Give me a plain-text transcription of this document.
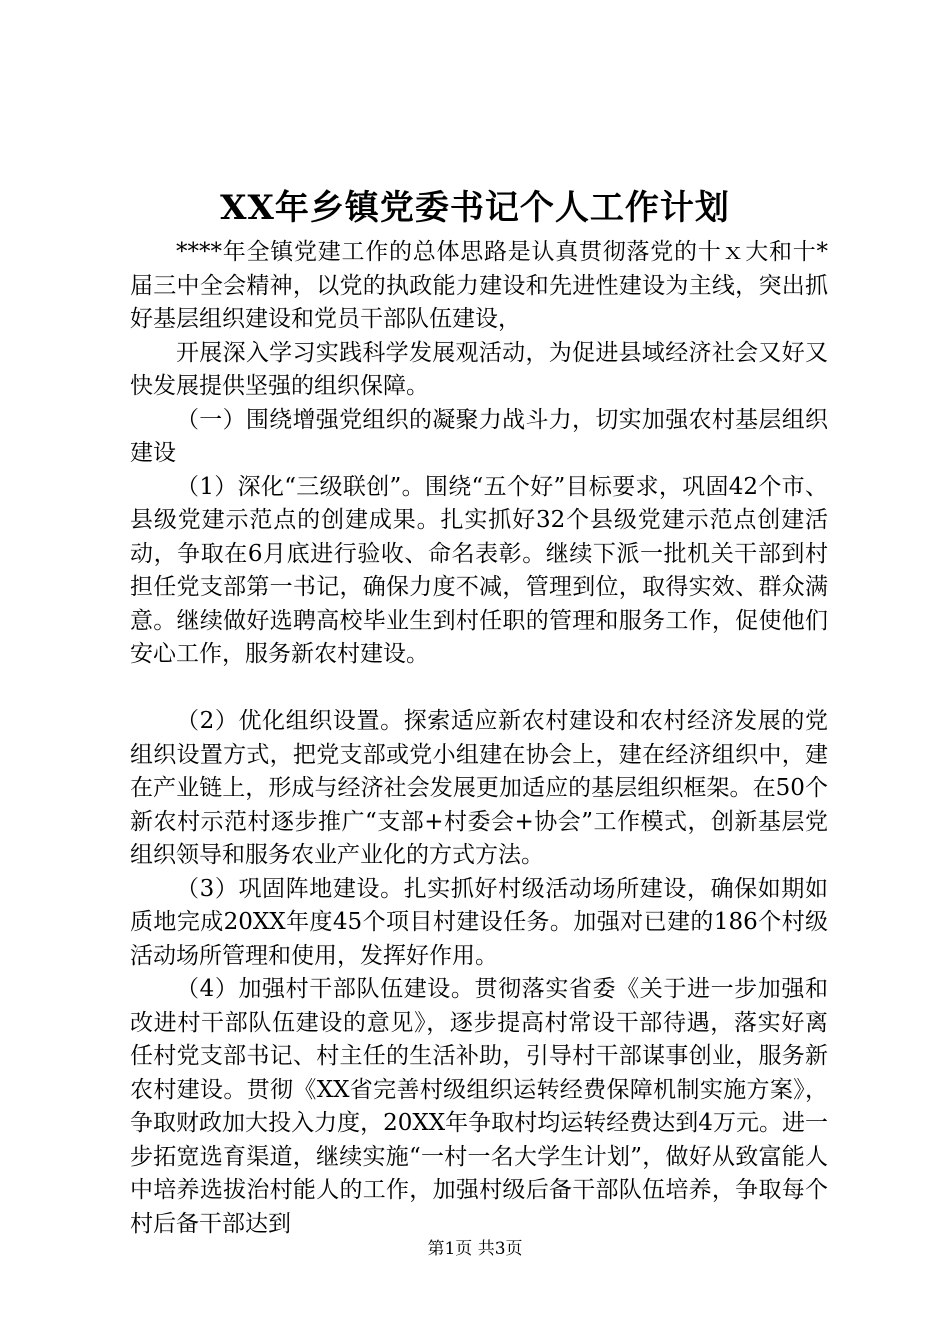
XX年乡镇党委书记个人工作计划

****年全镇党建工作的总体思路是认真贯彻落党的十ｘ大和十*届三中全会精神，以党的执政能力建设和先进性建设为主线，突出抓好基层组织建设和党员干部队伍建设，

开展深入学习实践科学发展观活动，为促进县域经济社会又好又快发展提供坚强的组织保障。

（一）围绕增强党组织的凝聚力战斗力，切实加强农村基层组织建设

（1）深化“三级联创”。围绕“五个好”目标要求，巩固42个市、县级党建示范点的创建成果。扎实抓好32个县级党建示范点创建活动，争取在6月底进行验收、命名表彰。继续下派一批机关干部到村担任党支部第一书记，确保力度不减，管理到位，取得实效、群众满意。继续做好选聘高校毕业生到村任职的管理和服务工作，促使他们安心工作，服务新农村建设。

（2）优化组织设置。探索适应新农村建设和农村经济发展的党组织设置方式，把党支部或党小组建在协会上，建在经济组织中，建在产业链上，形成与经济社会发展更加适应的基层组织框架。在50个新农村示范村逐步推广“支部+村委会+协会”工作模式，创新基层党组织领导和服务农业产业化的方式方法。

（3）巩固阵地建设。扎实抓好村级活动场所建设，确保如期如质地完成20XX年度45个项目村建设任务。加强对已建的186个村级活动场所管理和使用，发挥好作用。

（4）加强村干部队伍建设。贯彻落实省委《关于进一步加强和改进村干部队伍建设的意见》，逐步提高村常设干部待遇，落实好离任村党支部书记、村主任的生活补助，引导村干部谋事创业，服务新农村建设。贯彻《XX省完善村级组织运转经费保障机制实施方案》，争取财政加大投入力度，20XX年争取村均运转经费达到4万元。进一步拓宽选育渠道，继续实施“一村一名大学生计划”，做好从致富能人中培养选拔治村能人的工作，加强村级后备干部队伍培养，争取每个村后备干部达到

第1页 共3页
